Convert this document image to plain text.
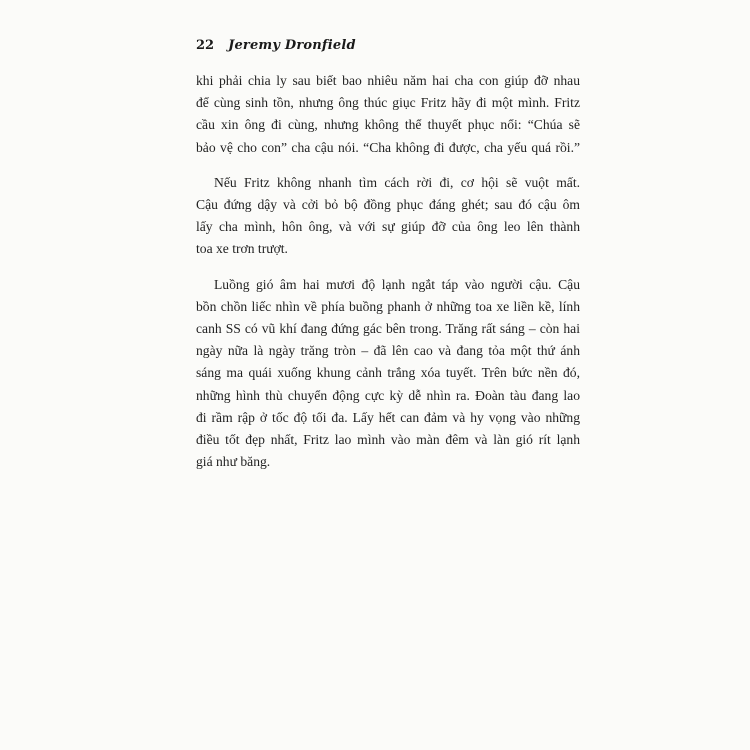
22 Jeremy Dronfield
khi phải chia ly sau biết bao nhiêu năm hai cha con giúp đỡ nhau
để cùng sinh tồn, nhưng ông thúc giục Fritz hãy đi một mình. Fritz
cầu xin ông đi cùng, nhưng không thể thuyết phục nổi: “Chúa sẽ
bảo vệ cho con” cha cậu nói. “Cha không đi được, cha yếu quá rồi.”
Nếu Fritz không nhanh tìm cách rời đi, cơ hội sẽ vuột mất.
Cậu đứng dậy và cởi bỏ bộ đồng phục đáng ghét; sau đó cậu ôm
lấy cha mình, hôn ông, và với sự giúp đỡ của ông leo lên thành
toa xe trơn trượt.
Luồng gió âm hai mươi độ lạnh ngắt táp vào người cậu. Cậu
bồn chồn liếc nhìn về phía buồng phanh ở những toa xe liền kề, lính
canh SS có vũ khí đang đứng gác bên trong. Trăng rất sáng – còn hai
ngày nữa là ngày trăng tròn – đã lên cao và đang tỏa một thứ ánh
sáng ma quái xuống khung cảnh trắng xóa tuyết. Trên bức nền đó,
những hình thù chuyển động cực kỳ dễ nhìn ra. Đoàn tàu đang lao
đi rầm rập ở tốc độ tối đa. Lấy hết can đảm và hy vọng vào những
điều tốt đẹp nhất, Fritz lao mình vào màn đêm và làn gió rít lạnh
giá như băng.
